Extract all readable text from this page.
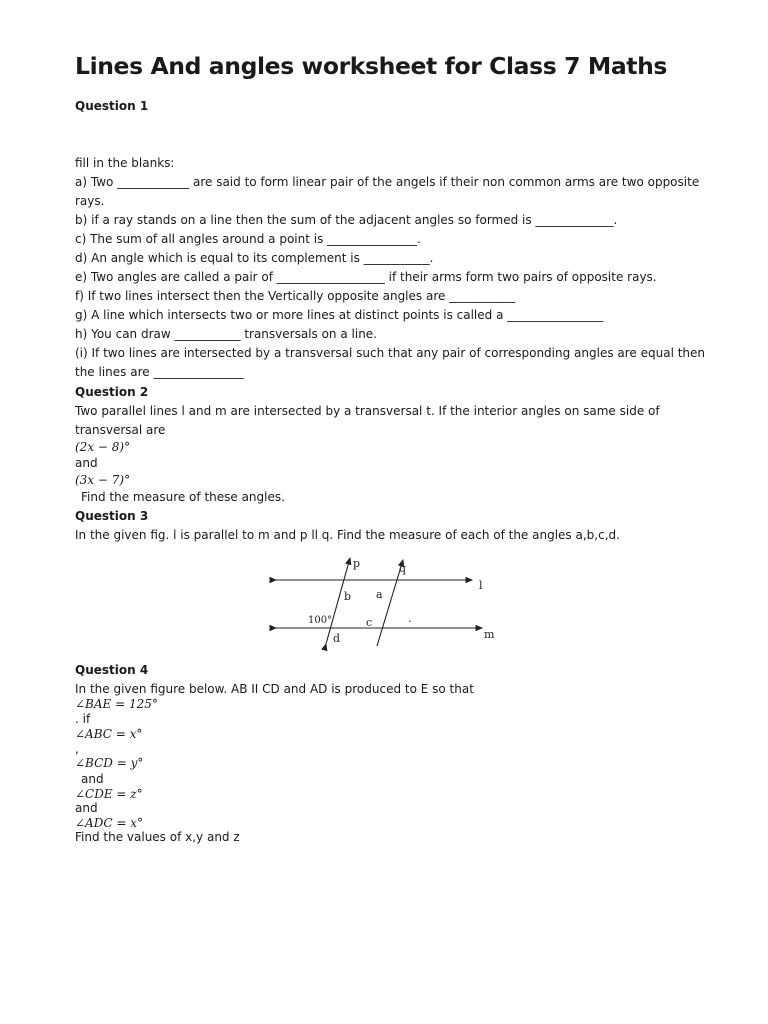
Lines And angles worksheet for Class 7 Maths
Question 1
fill in the blanks:
a) Two ____________ are said to form linear pair of the angels if their non common arms are two opposite
rays.
b) if a ray stands on a line then the sum of the adjacent angles so formed is _____________.
c) The sum of all angles around a point is _______________.
d) An angle which is equal to its complement is ___________.
e) Two angles are called a pair of __________________ if their arms form two pairs of opposite rays.
f) If two lines intersect then the Vertically opposite angles are ___________
g) A line which intersects two or more lines at distinct points is called a ________________
h) You can draw ___________ transversals on a line.
(i) If two lines are intersected by a transversal such that any pair of corresponding angles are equal then
the lines are _______________
Question 2
Two parallel lines l and m are intersected by a transversal t. If the interior angles on same side of
transversal are
(2x − 8)°
and
(3x − 7)°
Find the measure of these angles.
Question 3
In the given fig. l is parallel to m and p ll q. Find the measure of each of the angles a,b,c,d.
Question 4
In the given figure below. AB II CD and AD is produced to E so that
∠BAE = 125°
. if
∠ABC = x°
,
∠BCD = y°
and
∠CDE = z°
and
∠ADC = x°
Find the values of x,y and z
p	q
l
m
b a
100°	c	.
d
